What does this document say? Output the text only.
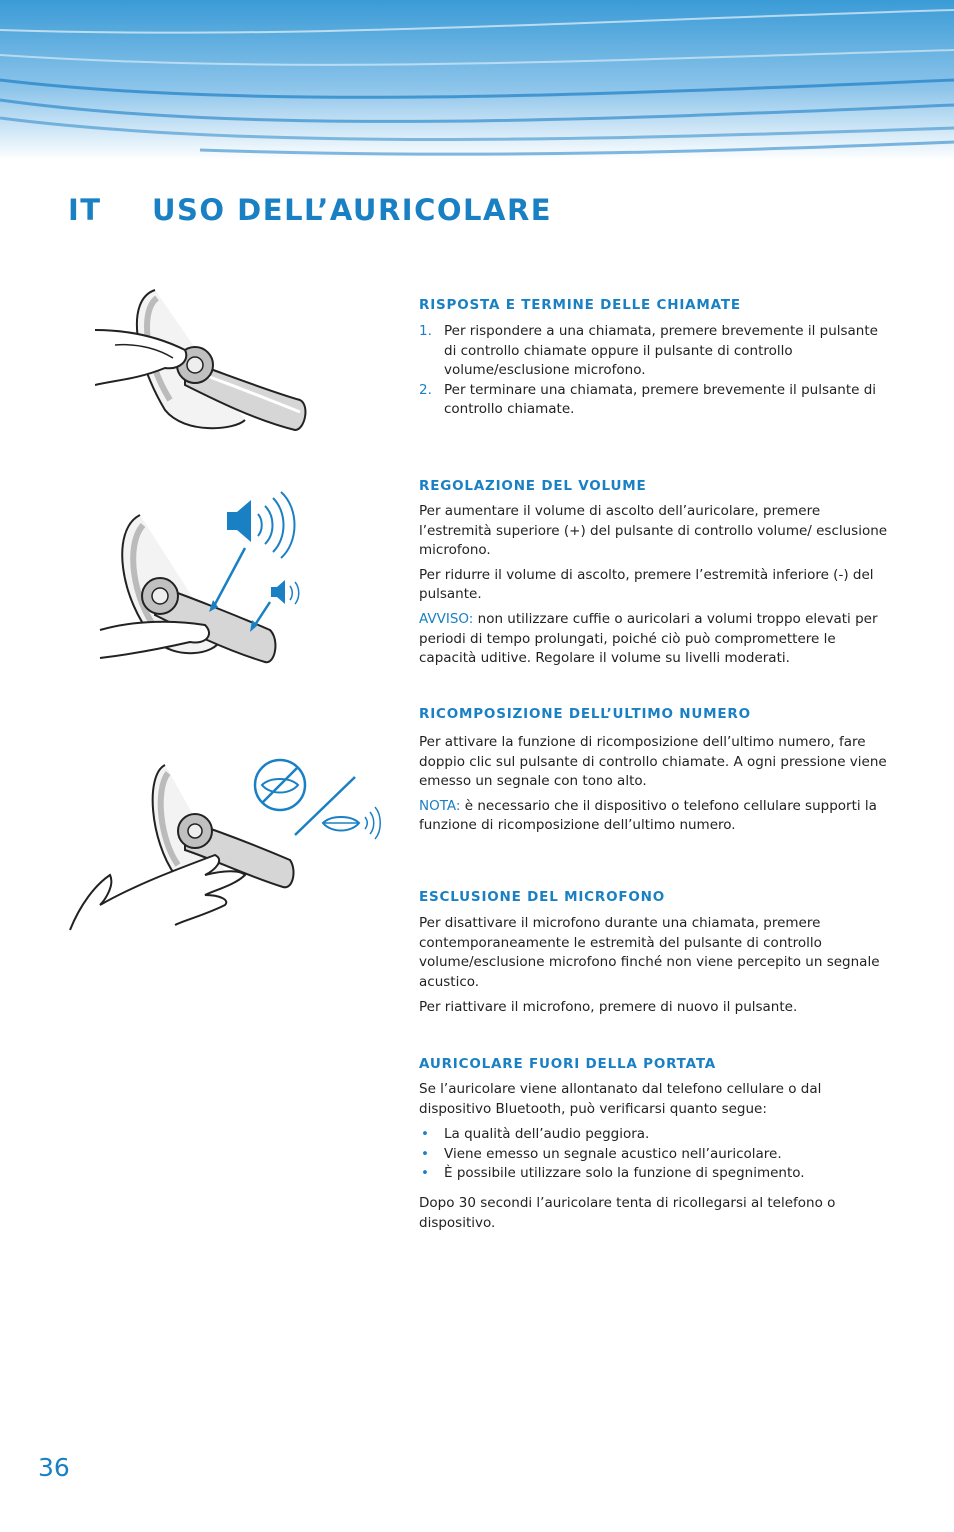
IT USO DELL’AURICOLARE
RISPOSTA E TERMINE DELLE CHIAMATE
1. Per rispondere a una chiamata, premere brevemente il pulsante di controllo chiamate oppure il pulsante di controllo volume/esclusione microfono.
2. Per terminare una chiamata, premere brevemente il pulsante di controllo chiamate.
REGOLAZIONE DEL VOLUME

Per aumentare il volume di ascolto dell’auricolare, premere l’estremità superiore (+) del pulsante di controllo volume/ esclusione microfono.

Per ridurre il volume di ascolto, premere l’estremità inferiore (-) del pulsante.

AVVISO: non utilizzare cuffie o auricolari a volumi troppo elevati per periodi di tempo prolungati, poiché ciò può compromettere le capacità uditive. Regolare il volume su livelli moderati.

RICOMPOSIZIONE DELL’ULTIMO NUMERO

Per attivare la funzione di ricomposizione dell’ultimo numero, fare doppio clic sul pulsante di controllo chiamate. A ogni pressione viene emesso un segnale con tono alto.

NOTA: è necessario che il dispositivo o telefono cellulare supporti la funzione di ricomposizione dell’ultimo numero.

ESCLUSIONE DEL MICROFONO

Per disattivare il microfono durante una chiamata, premere contemporaneamente le estremità del pulsante di controllo volume/esclusione microfono finché non viene percepito un segnale acustico.

Per riattivare il microfono, premere di nuovo il pulsante.

AURICOLARE FUORI DELLA PORTATA

Se l’auricolare viene allontanato dal telefono cellulare o dal dispositivo Bluetooth, può verificarsi quanto segue:

• La qualità dell’audio peggiora.
• Viene emesso un segnale acustico nell’auricolare.
• È possibile utilizzare solo la funzione di spegnimento.

Dopo 30 secondi l’auricolare tenta di ricollegarsi al telefono o dispositivo.

36
